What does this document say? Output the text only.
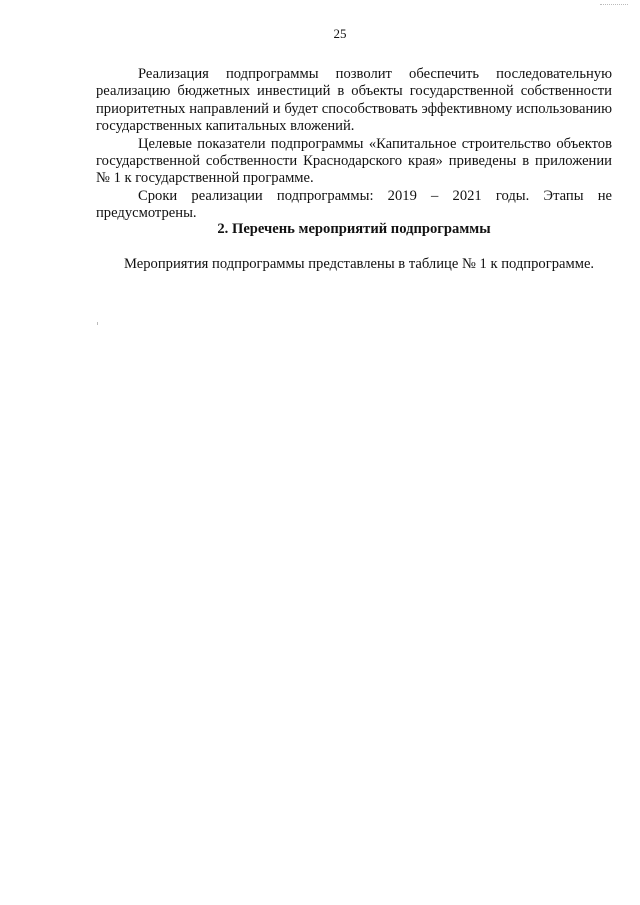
25

Реализация подпрограммы позволит обеспечить последовательную реализацию бюджетных инвестиций в объекты государственной собственности приоритетных направлений и будет способствовать эффективному использованию государственных капитальных вложений.

Целевые показатели подпрограммы «Капитальное строительство объектов государственной собственности Краснодарского края» приведены в приложении № 1 к государственной программе.

Сроки реализации подпрограммы: 2019 – 2021 годы. Этапы не предусмотрены.

2. Перечень мероприятий подпрограммы
Мероприятия подпрограммы представлены в таблице № 1 к подпрограмме.
